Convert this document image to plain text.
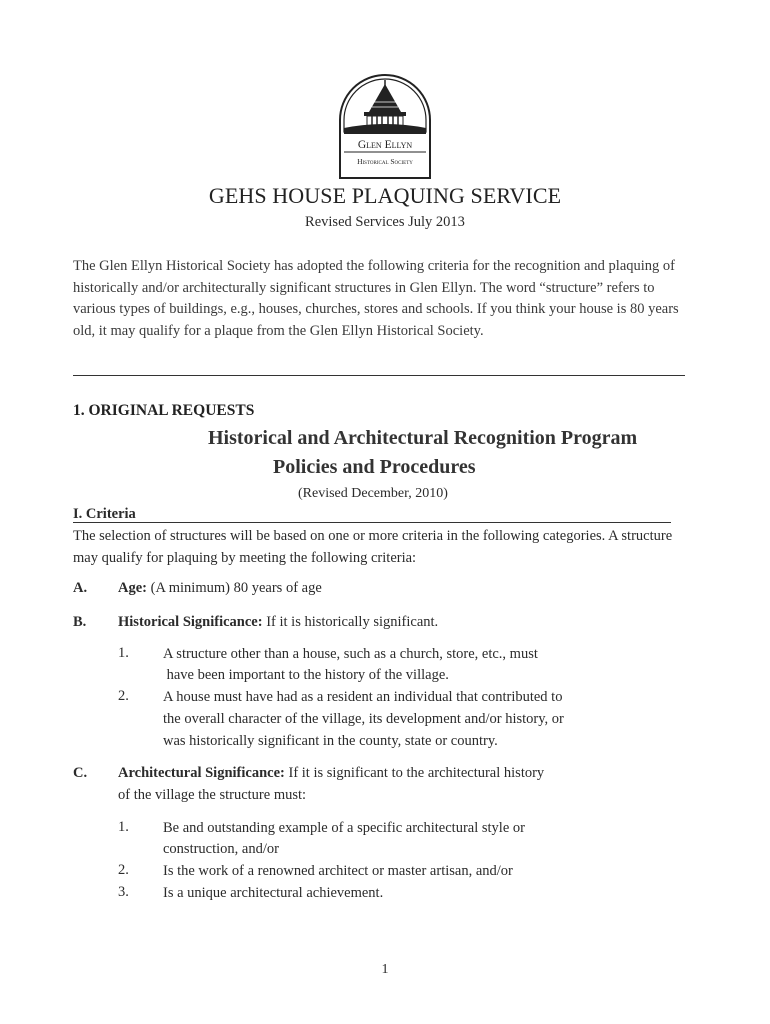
Glen Ellyn
Historical Society
GEHS HOUSE PLAQUING SERVICE
Revised Services July 2013
The Glen Ellyn Historical Society has adopted the following criteria for the recognition and plaquing of historically and/or architecturally significant structures in Glen Ellyn. The word “structure” refers to various types of buildings, e.g., houses, churches, stores and schools. If you think your house is 80 years old, it may qualify for a plaque from the Glen Ellyn Historical Society.
1. ORIGINAL REQUESTS
Historical and Architectural Recognition Program
Policies and Procedures
(Revised December, 2010)
I. Criteria
The selection of structures will be based on one or more criteria in the following categories. A structure may qualify for plaquing by meeting the following criteria:
A. Age: (A minimum) 80 years of age
B. Historical Significance: If it is historically significant.
1. A structure other than a house, such as a church, store, etc., must
have been important to the history of the village.
2. A house must have had as a resident an individual that contributed to
the overall character of the village, its development and/or history, or
was historically significant in the county, state or country.
C. Architectural Significance: If it is significant to the architectural history
of the village the structure must:
1. Be and outstanding example of a specific architectural style or
construction, and/or
2. Is the work of a renowned architect or master artisan, and/or
3. Is a unique architectural achievement.
1
